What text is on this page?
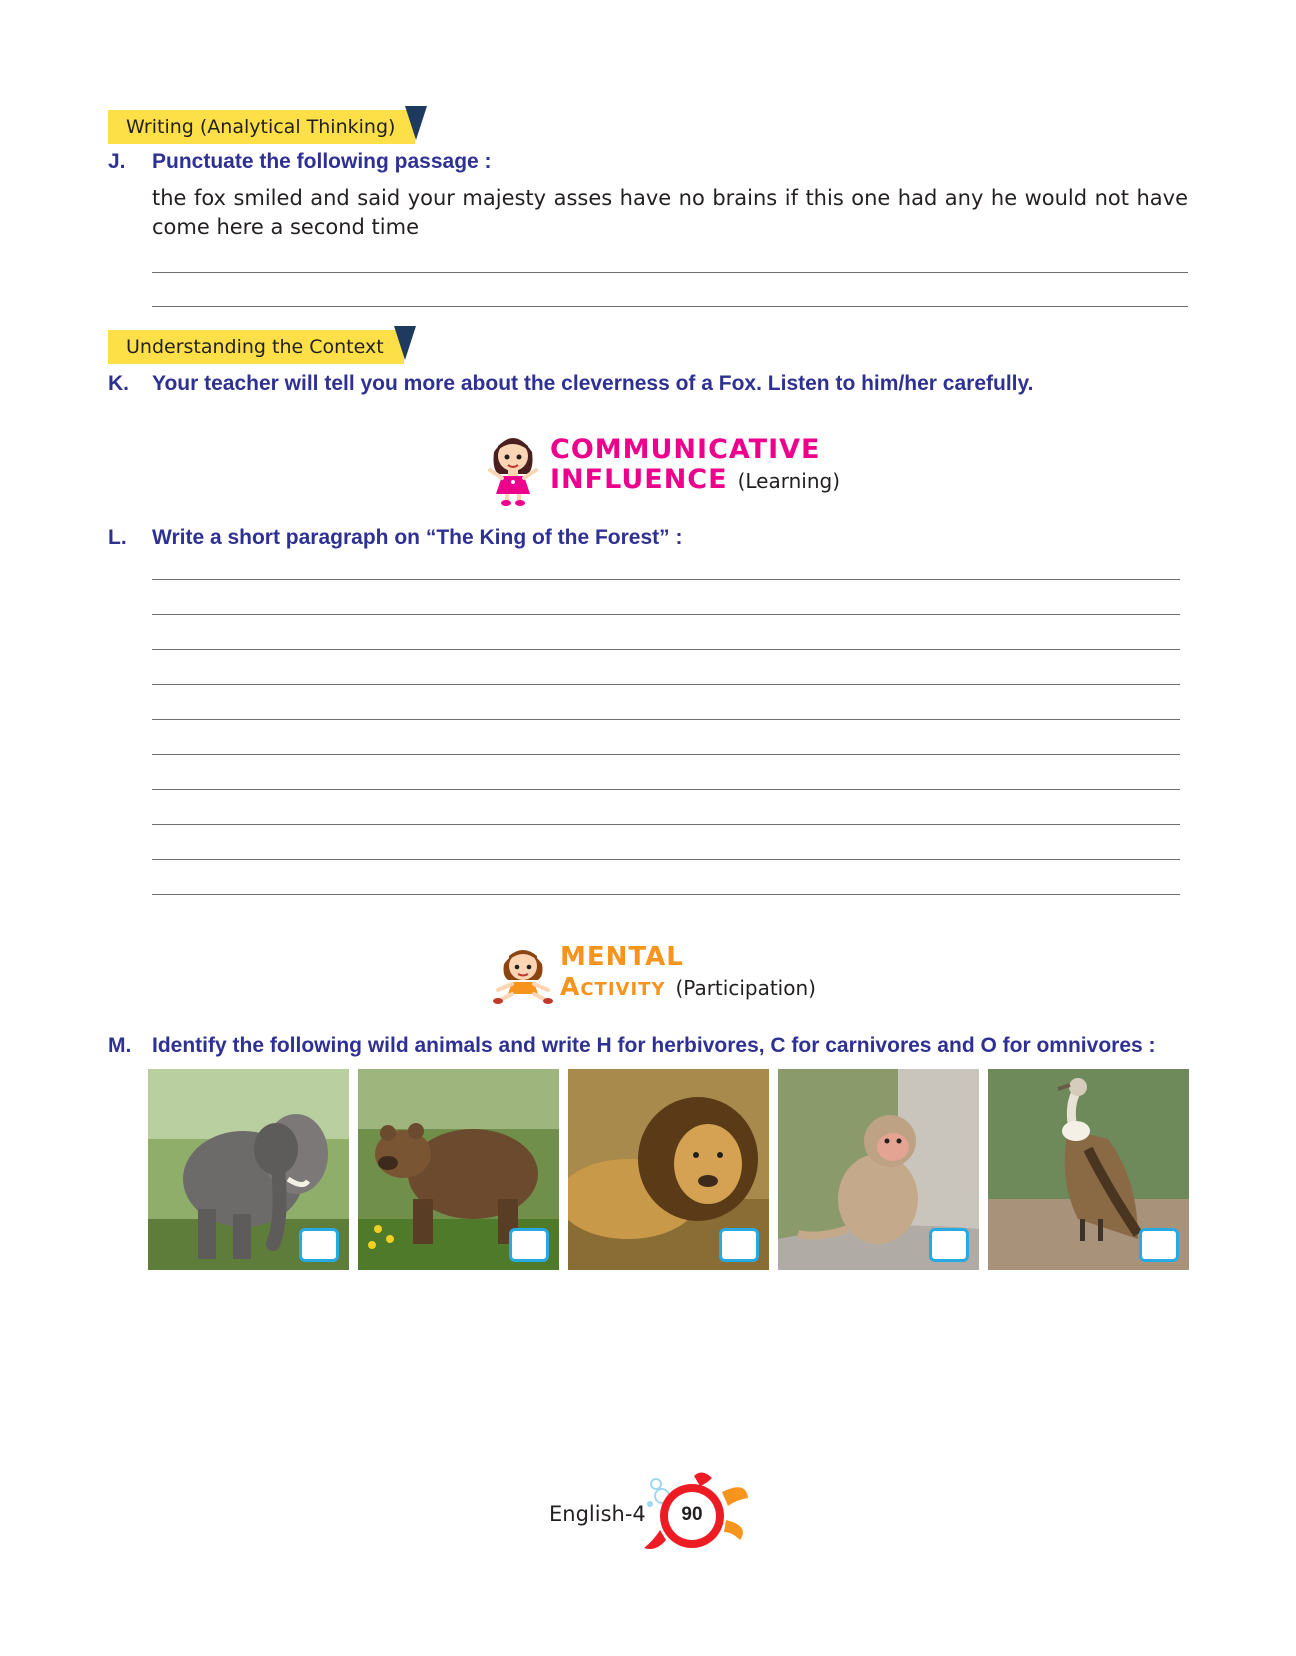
Writing (Analytical Thinking)
J. Punctuate the following passage :
the fox smiled and said your majesty asses have no brains if this one had any he would not have come here a second time
Understanding the Context
K. Your teacher will tell you more about the cleverness of a Fox. Listen to him/her carefully.
COMMUNICATIVE
INFLUENCE (Learning)
L. Write a short paragraph on “The King of the Forest” :
MENTAL
Activity (Participation)
M. Identify the following wild animals and write H for herbivores, C for carnivores and O for omnivores :
English-4	90
